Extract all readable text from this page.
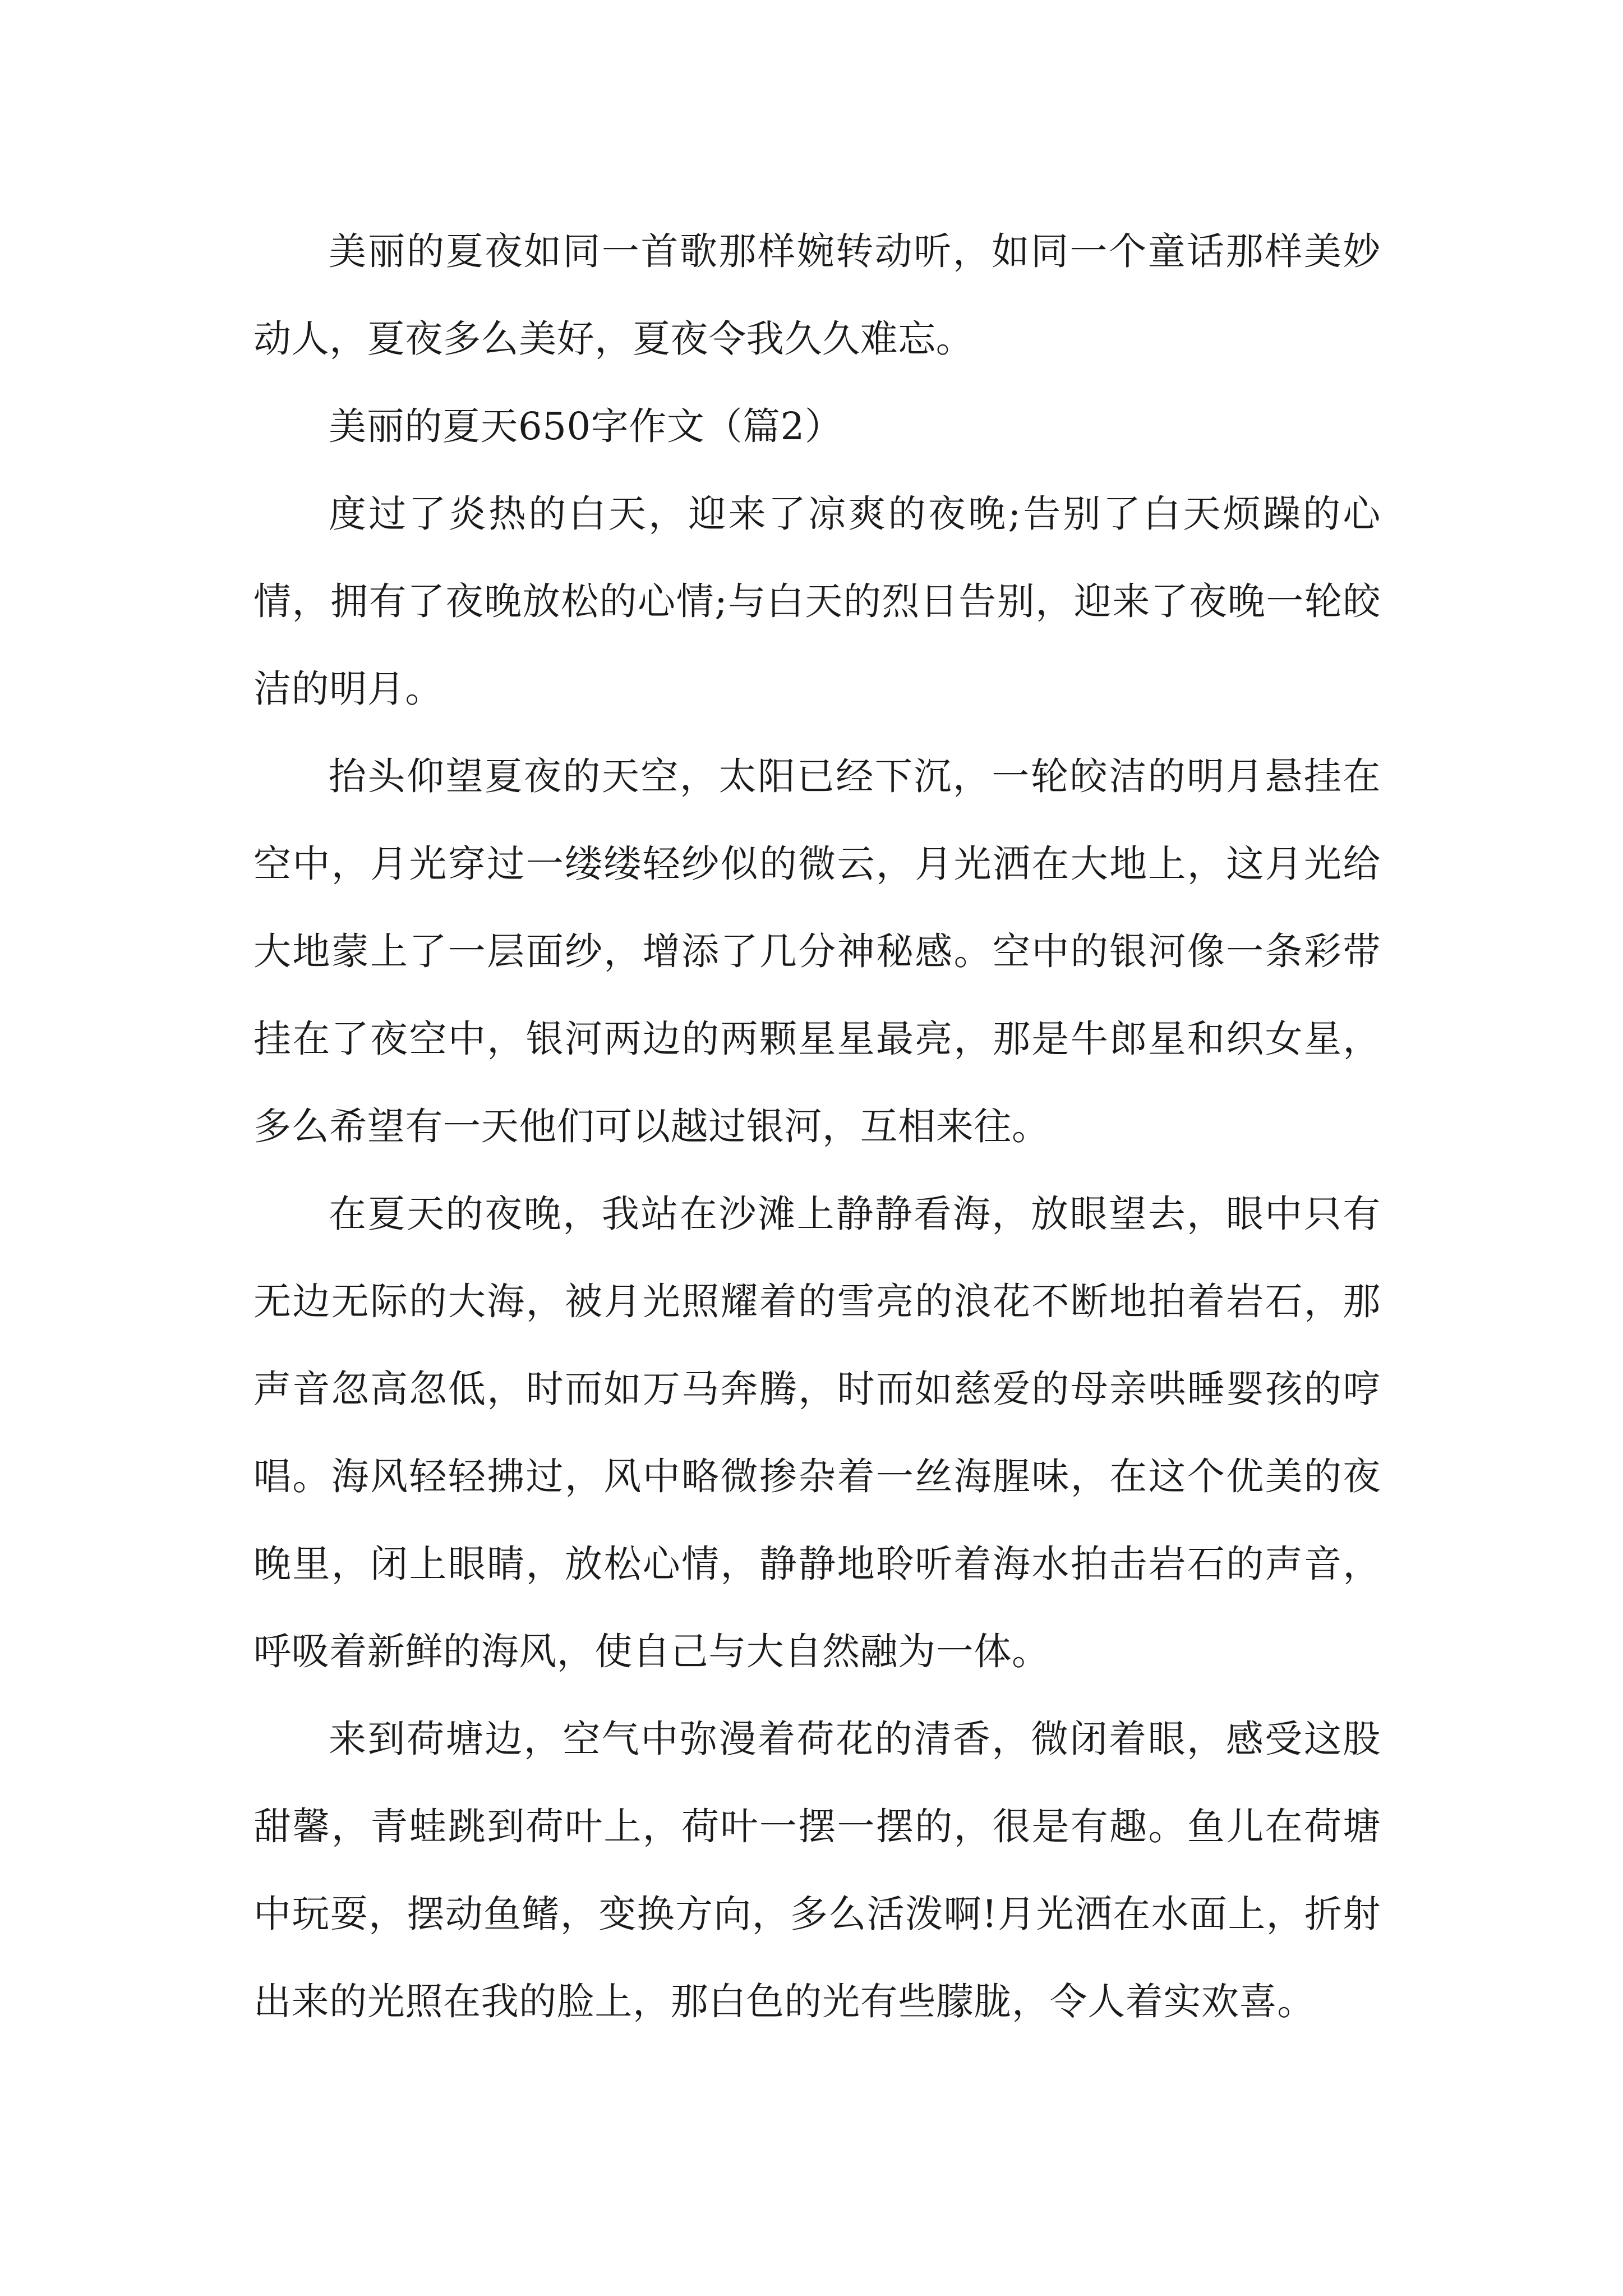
美丽的夏夜如同一首歌那样婉转动听，如同一个童话那样美妙动人，夏夜多么美好，夏夜令我久久难忘。

美丽的夏天650字作文（篇2）

度过了炎热的白天，迎来了凉爽的夜晚;告别了白天烦躁的心情，拥有了夜晚放松的心情;与白天的烈日告别，迎来了夜晚一轮皎洁的明月。

抬头仰望夏夜的天空，太阳已经下沉，一轮皎洁的明月悬挂在空中，月光穿过一缕缕轻纱似的微云，月光洒在大地上，这月光给大地蒙上了一层面纱，增添了几分神秘感。空中的银河像一条彩带挂在了夜空中，银河两边的两颗星星最亮，那是牛郎星和织女星，多么希望有一天他们可以越过银河，互相来往。

在夏天的夜晚，我站在沙滩上静静看海，放眼望去，眼中只有无边无际的大海，被月光照耀着的雪亮的浪花不断地拍着岩石，那声音忽高忽低，时而如万马奔腾，时而如慈爱的母亲哄睡婴孩的哼唱。海风轻轻拂过，风中略微掺杂着一丝海腥味，在这个优美的夜晚里，闭上眼睛，放松心情，静静地聆听着海水拍击岩石的声音，呼吸着新鲜的海风，使自己与大自然融为一体。

来到荷塘边，空气中弥漫着荷花的清香，微闭着眼，感受这股甜馨，青蛙跳到荷叶上，荷叶一摆一摆的，很是有趣。鱼儿在荷塘中玩耍，摆动鱼鳍，变换方向，多么活泼啊!月光洒在水面上，折射出来的光照在我的脸上，那白色的光有些朦胧，令人着实欢喜。
